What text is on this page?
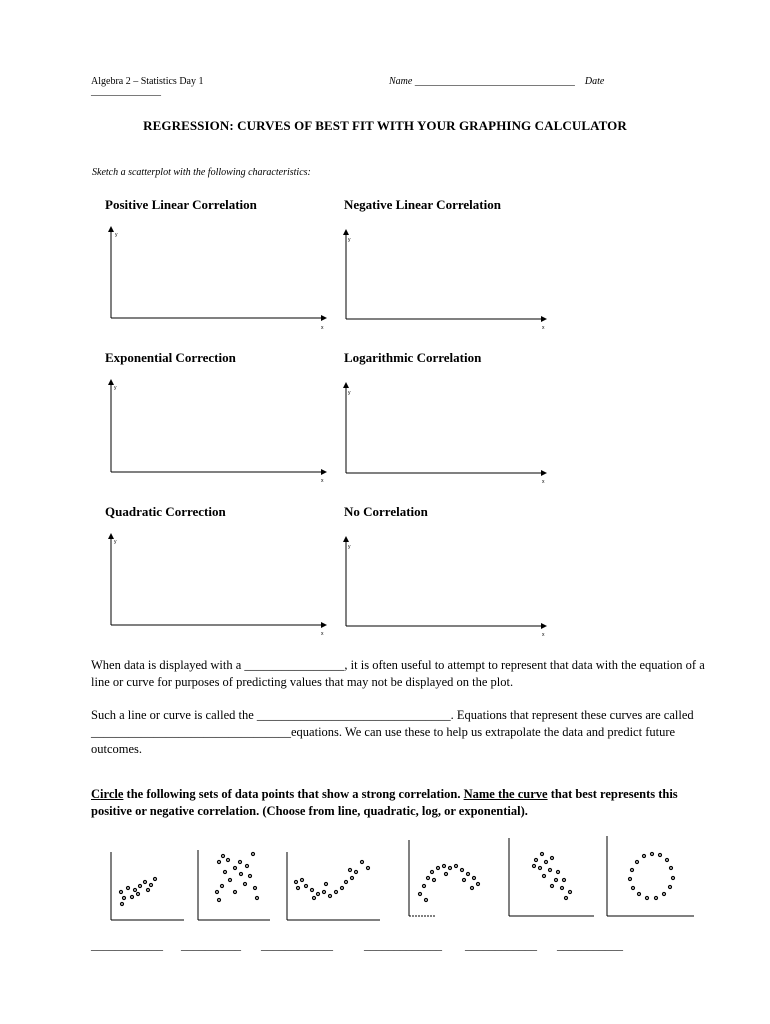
Algebra 2 – Statistics Day 1
______________
Name ________________________________ Date
REGRESSION: CURVES OF BEST FIT WITH YOUR GRAPHING CALCULATOR
Sketch a scatterplot with the following characteristics:
Positive Linear Correlation	Negative Linear Correlation
Exponential Correction	Logarithmic Correlation
Quadratic Correction	No Correlation
y
x
y
x
y
x
y
x
y
x
y
x
When data is displayed with a ________________, it is often useful to attempt to represent that data with the equation of a line or curve for purposes of predicting values that may not be displayed on the plot.
Such a line or curve is called the _______________________________. Equations that represent these curves are called ________________________________equations. We can use these to help us extrapolate the data and predict future outcomes.
Circle the following sets of data points that show a strong correlation. Name the curve that best represents this positive or negative correlation. (Choose from line, quadratic, log, or exponential).
____________ __________ ____________	_____________ ____________ ___________
